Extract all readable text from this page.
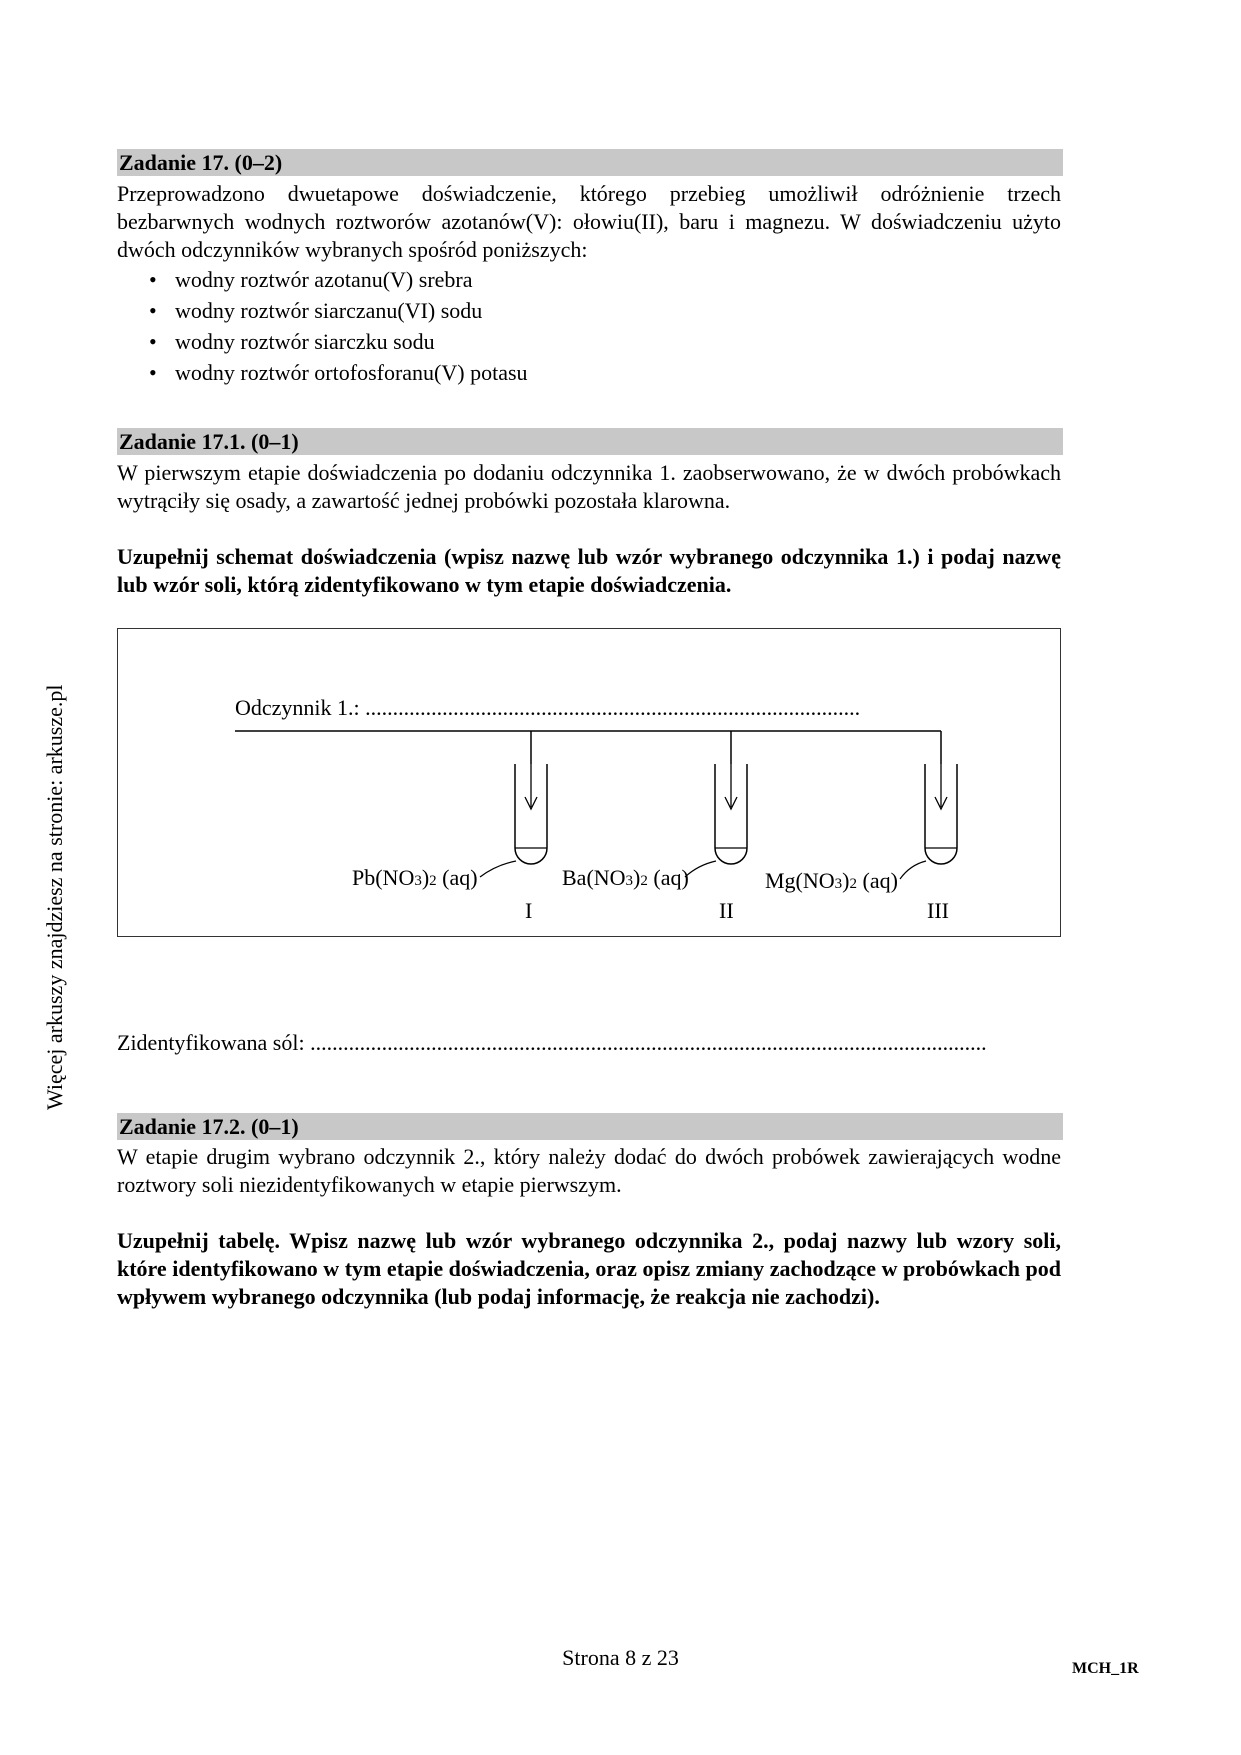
Więcej arkuszy znajdziesz na stronie: arkusze.pl
Zadanie 17. (0–2)
Przeprowadzono dwuetapowe doświadczenie, którego przebieg umożliwił odróżnienie trzech bezbarwnych wodnych roztworów azotanów(V): ołowiu(II), baru i magnezu. W doświadczeniu użyto dwóch odczynników wybranych spośród poniższych:
• wodny roztwór azotanu(V) srebra
• wodny roztwór siarczanu(VI) sodu
• wodny roztwór siarczku sodu
• wodny roztwór ortofosforanu(V) potasu
Zadanie 17.1. (0–1)
W pierwszym etapie doświadczenia po dodaniu odczynnika 1. zaobserwowano, że w dwóch probówkach wytrąciły się osady, a zawartość jednej probówki pozostała klarowna.
Uzupełnij schemat doświadczenia (wpisz nazwę lub wzór wybranego odczynnika 1.) i podaj nazwę lub wzór soli, którą zidentyfikowano w tym etapie doświadczenia.
Odczynnik 1.: ..........................................................................................
Pb(NO3)2 (aq)	Ba(NO3)2 (aq)	Mg(NO3)2 (aq)
I	II	III
Zidentyfikowana sól: ...........................................................................................................................
Zadanie 17.2. (0–1)
W etapie drugim wybrano odczynnik 2., który należy dodać do dwóch probówek zawierających wodne roztwory soli niezidentyfikowanych w etapie pierwszym.
Uzupełnij tabelę. Wpisz nazwę lub wzór wybranego odczynnika 2., podaj nazwy lub wzory soli, które identyfikowano w tym etapie doświadczenia, oraz opisz zmiany zachodzące w probówkach pod wpływem wybranego odczynnika (lub podaj informację, że reakcja nie zachodzi).
Strona 8 z 23	MCH_1R
